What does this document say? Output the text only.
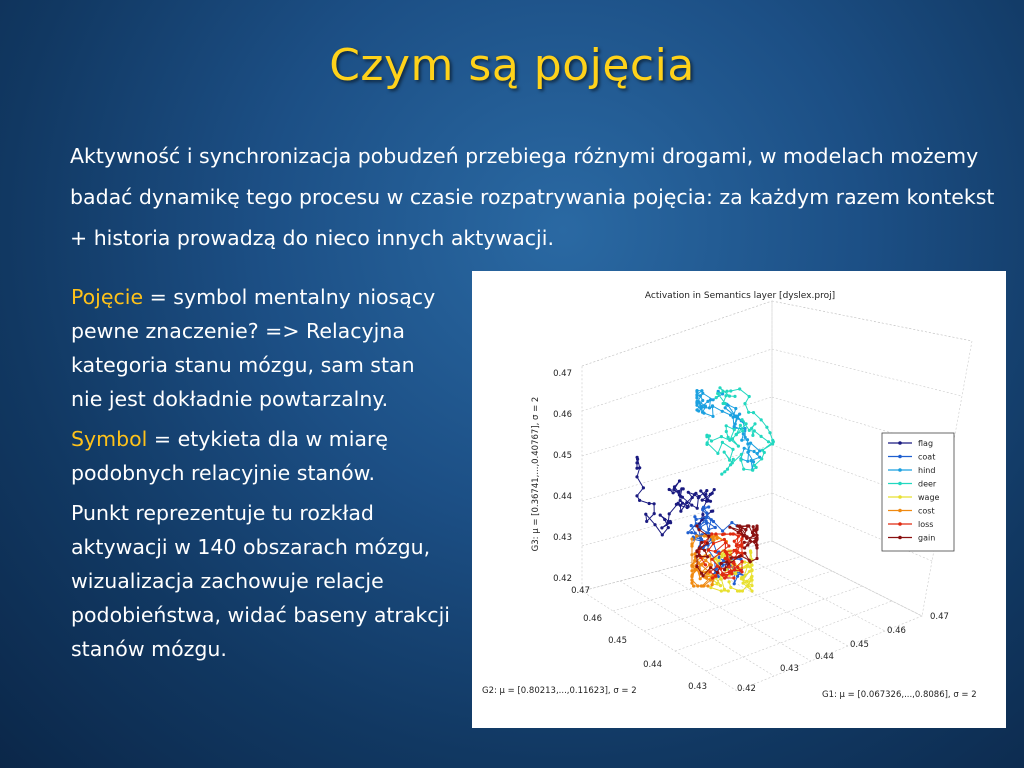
Czym są pojęcia
Aktywność i synchronizacja pobudzeń przebiega różnymi drogami, w modelach możemy badać dynamikę tego procesu w czasie rozpatrywania pojęcia: za każdym razem kontekst + historia prowadzą do nieco innych aktywacji.

Pojęcie = symbol mentalny niosący pewne znaczenie? => Relacyjna kategoria stanu mózgu, sam stan nie jest dokładnie powtarzalny.

Symbol = etykieta dla w miarę podobnych relacyjnie stanów.

Punkt reprezentuje tu rozkład aktywacji w 140 obszarach mózgu, wizualizacja zachowuje relacje podobieństwa, widać baseny atrakcji stanów mózgu.

Activation in Semantics layer [dyslex.proj]
G3: μ = [0.36741,...,0.40767], σ = 2
G2: μ = [0.80213,...,0.11623], σ = 2	G1: μ = [0.067326,...,0.8086], σ = 2
0.47
0.46
0.45
0.44
0.43
0.42
0.47
0.46
0.45
0.44
0.43	0.42
0.43
0.44
0.45
0.46
0.47
flag
coat
hind
deer
wage
cost
loss
gain
